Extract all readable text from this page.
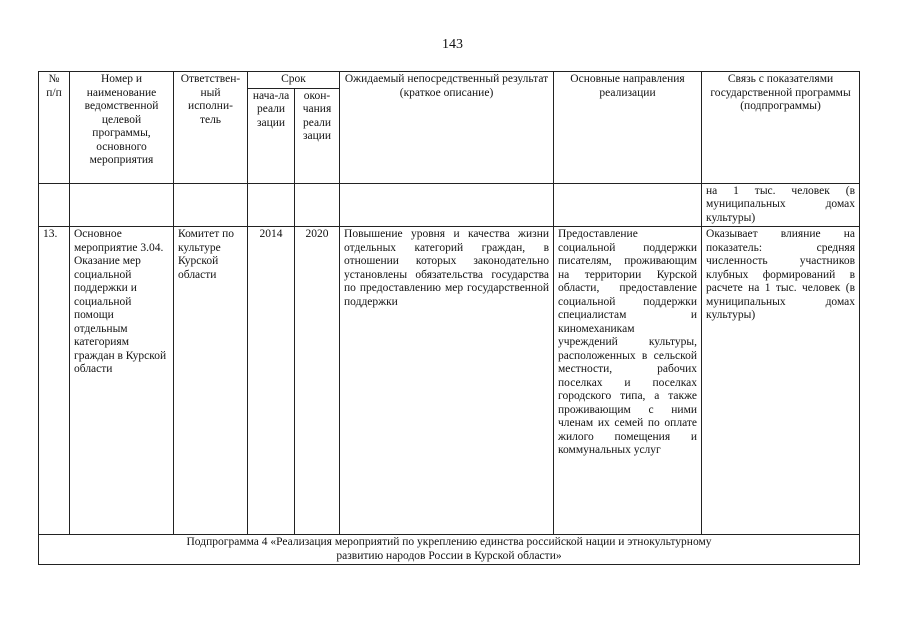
143
№ п/п	Номер и наименование ведомственной целевой программы, основного мероприятия	Ответствен-ный исполни-тель	Срок		Ожидаемый непосредственный результат (краткое описание)	Основные направления реализации	Связь с показателями государственной программы (подпрограммы)
			нача-ла реали зации	окон-чания реали зации			

							на 1 тыс. человек (в
муниципальных домах
культуры)

13.	Основное мероприятие 3.04. Оказание мер социальной поддержки и социальной помощи отдельным категориям граждан в Курской области	Комитет по культуре Курской области	2014	2020	Повышение уровня и качества жизни отдельных категорий граждан, в отношении которых законодательно установлены обязательства государства по предоставлению мер государственной поддержки	Предоставление социальной поддержки писателям, проживающим на территории Курской области, предоставление социальной поддержки специалистам и киномеханикам учреждений культуры, расположенных в сельской местности, рабочих поселках и поселках городского типа, а также проживающим с ними членам их семей по оплате жилого помещения и коммунальных услуг	Оказывает влияние на показатель: средняя численность участников клубных формирований в расчете на 1 тыс. человек (в муниципальных домах культуры)

Подпрограмма 4 «Реализация мероприятий по укреплению единства российской нации и этнокультурному
развитию народов России в Курской области»							
